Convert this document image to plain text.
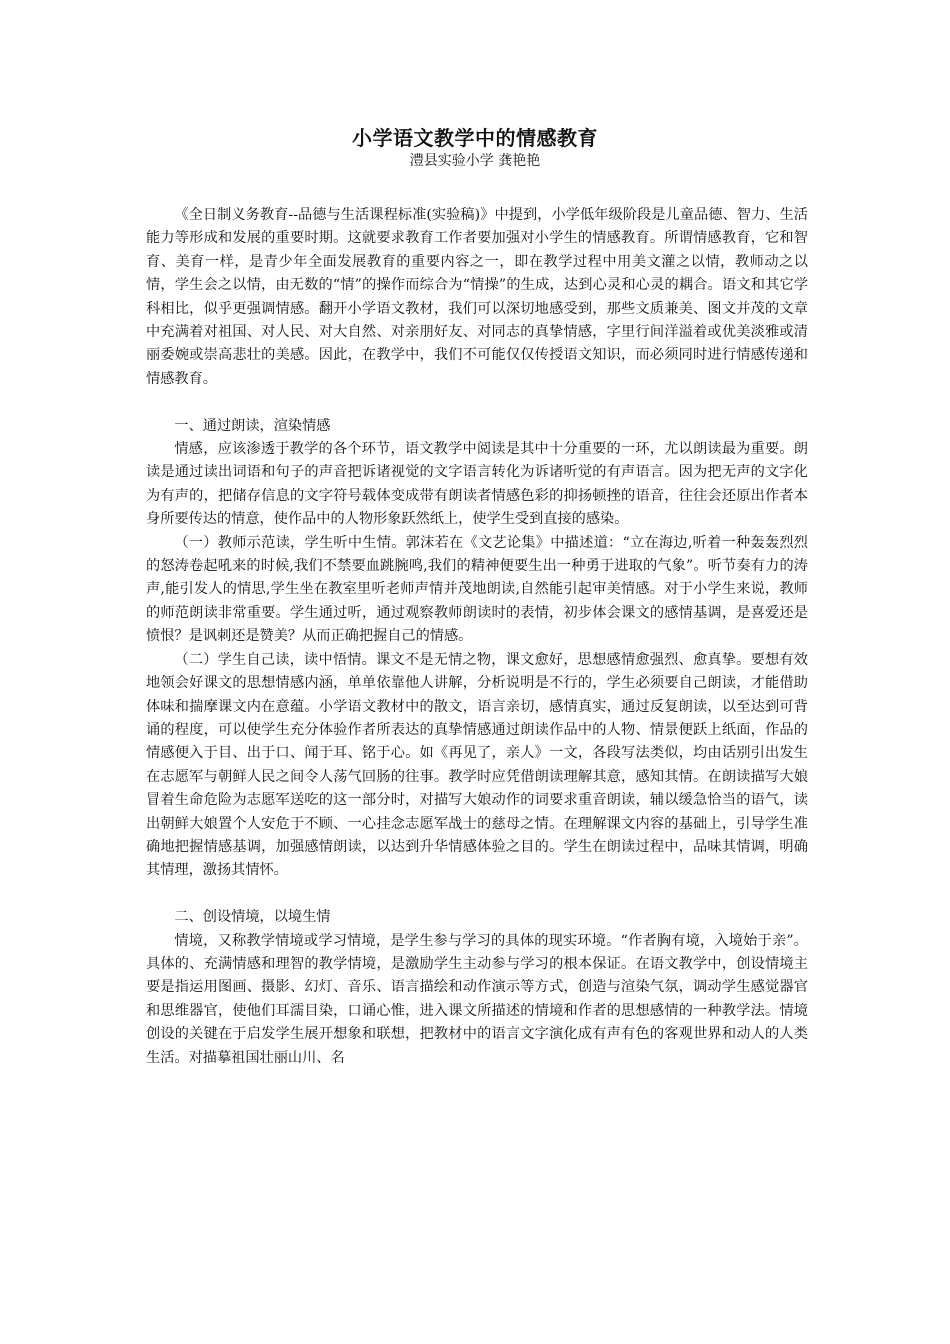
小学语文教学中的情感教育
澧县实验小学 龚艳艳

《全日制义务教育--品德与生活课程标准(实验稿)》中提到，小学低年级阶段是儿童品德、智力、生活能力等形成和发展的重要时期。这就要求教育工作者要加强对小学生的情感教育。所谓情感教育，它和智育、美育一样，是青少年全面发展教育的重要内容之一，即在教学过程中用美文灌之以情，教师动之以情，学生会之以情，由无数的“情”的操作而综合为“情操”的生成，达到心灵和心灵的耦合。语文和其它学科相比，似乎更强调情感。翻开小学语文教材，我们可以深切地感受到，那些文质兼美、图文并茂的文章中充满着对祖国、对人民、对大自然、对亲朋好友、对同志的真挚情感，字里行间洋溢着或优美淡雅或清丽委婉或崇高悲壮的美感。因此，在教学中，我们不可能仅仅传授语文知识，而必须同时进行情感传递和情感教育。

一、通过朗读，渲染情感

情感，应该渗透于教学的各个环节，语文教学中阅读是其中十分重要的一环，尤以朗读最为重要。朗读是通过读出词语和句子的声音把诉诸视觉的文字语言转化为诉诸听觉的有声语言。因为把无声的文字化为有声的，把储存信息的文字符号载体变成带有朗读者情感色彩的抑扬顿挫的语音，往往会还原出作者本身所要传达的情意，使作品中的人物形象跃然纸上，使学生受到直接的感染。

（一）教师示范读，学生听中生情。郭沫若在《文艺论集》中描述道：“立在海边,听着一种轰轰烈烈的怒涛卷起吼来的时候,我们不禁要血跳腕鸣,我们的精神便要生出一种勇于进取的气象”。听节奏有力的涛声,能引发人的情思,学生坐在教室里听老师声情并茂地朗读,自然能引起审美情感。对于小学生来说，教师的师范朗读非常重要。学生通过听，通过观察教师朗读时的表情，初步体会课文的感情基调，是喜爱还是愤恨？是讽刺还是赞美？从而正确把握自己的情感。

（二）学生自己读，读中悟情。课文不是无情之物，课文愈好，思想感情愈强烈、愈真挚。要想有效地领会好课文的思想情感内涵，单单依靠他人讲解，分析说明是不行的，学生必须要自己朗读，才能借助体味和揣摩课文内在意蕴。小学语文教材中的散文，语言亲切，感情真实，通过反复朗读，以至达到可背诵的程度，可以使学生充分体验作者所表达的真挚情感通过朗读作品中的人物、情景便跃上纸面，作品的情感便入于目、出于口、闻于耳、铭于心。如《再见了，亲人》一文，各段写法类似，均由话别引出发生在志愿军与朝鲜人民之间令人荡气回肠的往事。教学时应凭借朗读理解其意，感知其情。在朗读描写大娘冒着生命危险为志愿军送吃的这一部分时，对描写大娘动作的词要求重音朗读，辅以缓急恰当的语气，读出朝鲜大娘置个人安危于不顾、一心挂念志愿军战士的慈母之情。在理解课文内容的基础上，引导学生准确地把握情感基调，加强感情朗读，以达到升华情感体验之目的。学生在朗读过程中，品味其情调，明确其情理，激扬其情怀。

二、创设情境，以境生情

情境，又称教学情境或学习情境，是学生参与学习的具体的现实环境。“作者胸有境，入境始于亲”。具体的、充满情感和理智的教学情境，是激励学生主动参与学习的根本保证。在语文教学中，创设情境主要是指运用图画、摄影、幻灯、音乐、语言描绘和动作演示等方式，创造与渲染气氛，调动学生感觉器官和思维器官，使他们耳濡目染，口诵心惟，进入课文所描述的情境和作者的思想感情的一种教学法。情境创设的关键在于启发学生展开想象和联想，把教材中的语言文字演化成有声有色的客观世界和动人的人类生活。对描摹祖国壮丽山川、名
